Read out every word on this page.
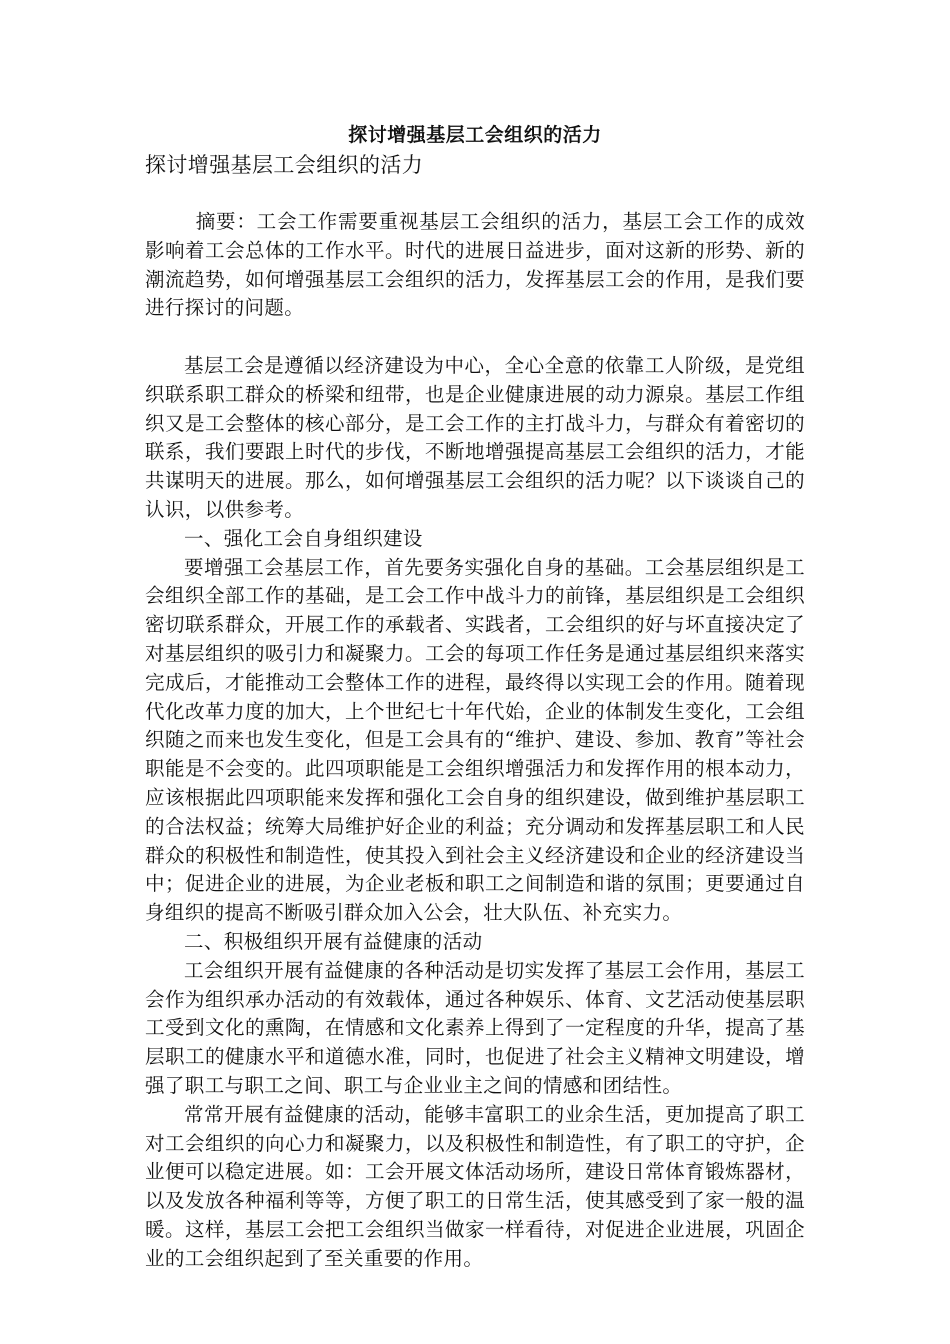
探讨增强基层工会组织的活力
探讨增强基层工会组织的活力

摘要：工会工作需要重视基层工会组织的活力，基层工会工作的成效影响着工会总体的工作水平。时代的进展日益进步，面对这新的形势、新的潮流趋势，如何增强基层工会组织的活力，发挥基层工会的作用，是我们要进行探讨的问题。

基层工会是遵循以经济建设为中心，全心全意的依靠工人阶级，是党组织联系职工群众的桥梁和纽带，也是企业健康进展的动力源泉。基层工作组织又是工会整体的核心部分，是工会工作的主打战斗力，与群众有着密切的联系，我们要跟上时代的步伐，不断地增强提高基层工会组织的活力，才能共谋明天的进展。那么，如何增强基层工会组织的活力呢？以下谈谈自己的认识，以供参考。

一、强化工会自身组织建设

要增强工会基层工作，首先要务实强化自身的基础。工会基层组织是工会组织全部工作的基础，是工会工作中战斗力的前锋，基层组织是工会组织密切联系群众，开展工作的承载者、实践者，工会组织的好与坏直接决定了对基层组织的吸引力和凝聚力。工会的每项工作任务是通过基层组织来落实完成后，才能推动工会整体工作的进程，最终得以实现工会的作用。随着现代化改革力度的加大，上个世纪七十年代始，企业的体制发生变化，工会组织随之而来也发生变化，但是工会具有的“维护、建设、参加、教育”等社会职能是不会变的。此四项职能是工会组织增强活力和发挥作用的根本动力，应该根据此四项职能来发挥和强化工会自身的组织建设，做到维护基层职工的合法权益；统筹大局维护好企业的利益；充分调动和发挥基层职工和人民群众的积极性和制造性，使其投入到社会主义经济建设和企业的经济建设当中；促进企业的进展，为企业老板和职工之间制造和谐的氛围；更要通过自身组织的提高不断吸引群众加入公会，壮大队伍、补充实力。

二、积极组织开展有益健康的活动

工会组织开展有益健康的各种活动是切实发挥了基层工会作用，基层工会作为组织承办活动的有效载体，通过各种娱乐、体育、文艺活动使基层职工受到文化的熏陶，在情感和文化素养上得到了一定程度的升华，提高了基层职工的健康水平和道德水准，同时，也促进了社会主义精神文明建设，增强了职工与职工之间、职工与企业业主之间的情感和团结性。

常常开展有益健康的活动，能够丰富职工的业余生活，更加提高了职工对工会组织的向心力和凝聚力，以及积极性和制造性，有了职工的守护，企业便可以稳定进展。如：工会开展文体活动场所，建设日常体育锻炼器材，以及发放各种福利等等，方便了职工的日常生活，使其感受到了家一般的温暖。这样，基层工会把工会组织当做家一样看待，对促进企业进展，巩固企业的工会组织起到了至关重要的作用。
